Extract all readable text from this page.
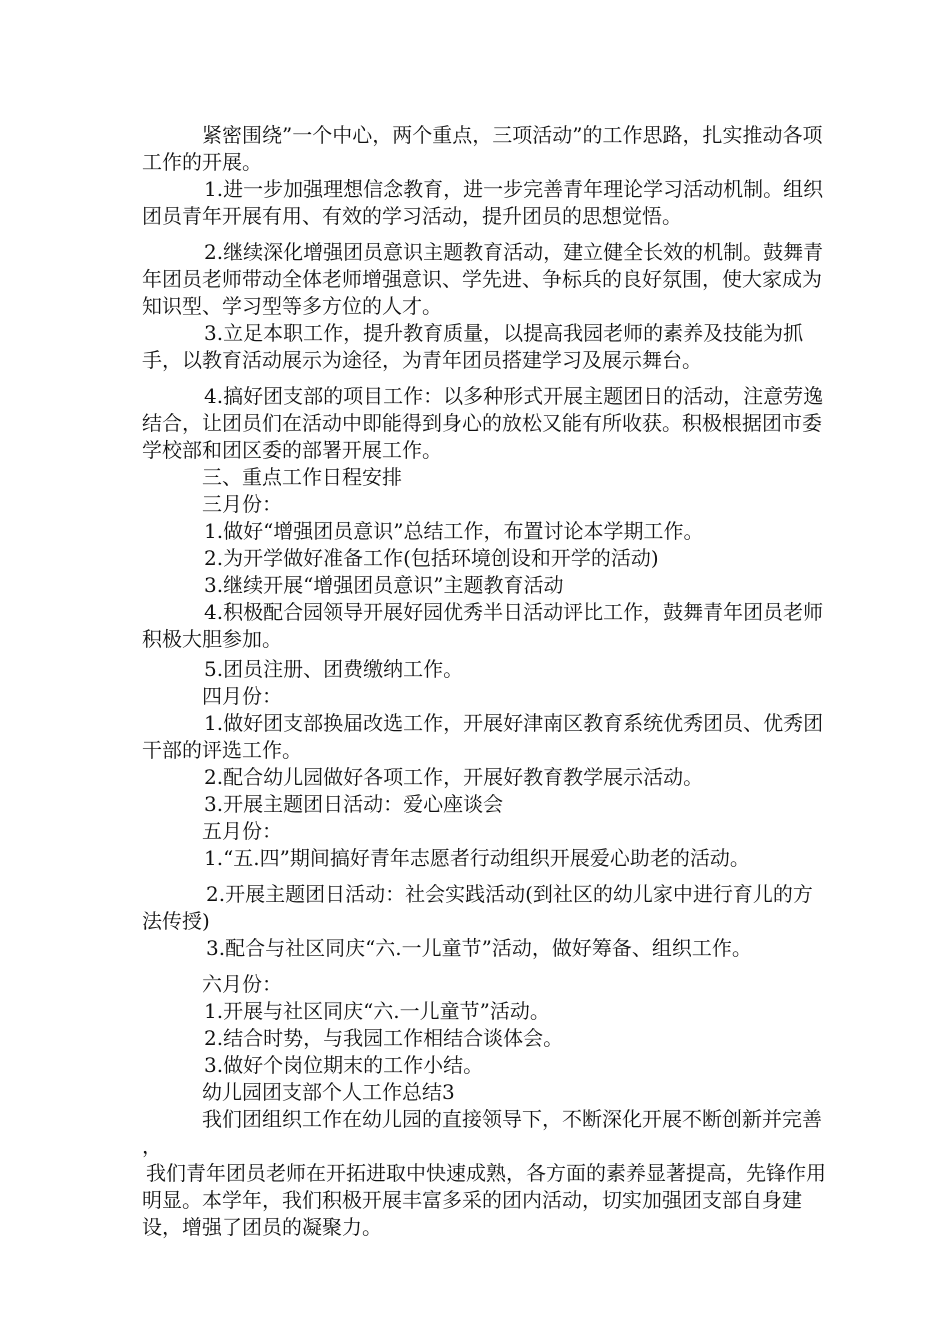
紧密围绕”一个中心，两个重点，三项活动”的工作思路，扎实推动各项工作的开展。

1.进一步加强理想信念教育，进一步完善青年理论学习活动机制。组织团员青年开展有用、有效的学习活动，提升团员的思想觉悟。

2.继续深化增强团员意识主题教育活动，建立健全长效的机制。鼓舞青年团员老师带动全体老师增强意识、学先进、争标兵的良好氛围，使大家成为知识型、学习型等多方位的人才。

3.立足本职工作，提升教育质量，以提高我园老师的素养及技能为抓手，以教育活动展示为途径，为青年团员搭建学习及展示舞台。

4.搞好团支部的项目工作：以多种形式开展主题团日的活动，注意劳逸结合，让团员们在活动中即能得到身心的放松又能有所收获。积极根据团市委学校部和团区委的部署开展工作。

三、重点工作日程安排

三月份：

1.做好“增强团员意识”总结工作，布置讨论本学期工作。

2.为开学做好准备工作(包括环境创设和开学的活动)

3.继续开展“增强团员意识”主题教育活动

4.积极配合园领导开展好园优秀半日活动评比工作，鼓舞青年团员老师积极大胆参加。

5.团员注册、团费缴纳工作。

四月份：

1.做好团支部换届改选工作，开展好津南区教育系统优秀团员、优秀团干部的评选工作。

2.配合幼儿园做好各项工作，开展好教育教学展示活动。

3.开展主题团日活动：爱心座谈会

五月份：

1.“五.四”期间搞好青年志愿者行动组织开展爱心助老的活动。

2.开展主题团日活动：社会实践活动(到社区的幼儿家中进行育儿的方法传授)

3.配合与社区同庆“六.一儿童节”活动，做好筹备、组织工作。

六月份：

1.开展与社区同庆“六.一儿童节”活动。

2.结合时势，与我园工作相结合谈体会。

3.做好个岗位期末的工作小结。

幼儿园团支部个人工作总结3

我们团组织工作在幼儿园的直接领导下，不断深化开展不断创新并完善 ，

我们青年团员老师在开拓进取中快速成熟，各方面的素养显著提高，先锋作用明显。本学年，我们积极开展丰富多采的团内活动，切实加强团支部自身建设，增强了团员的凝聚力。
